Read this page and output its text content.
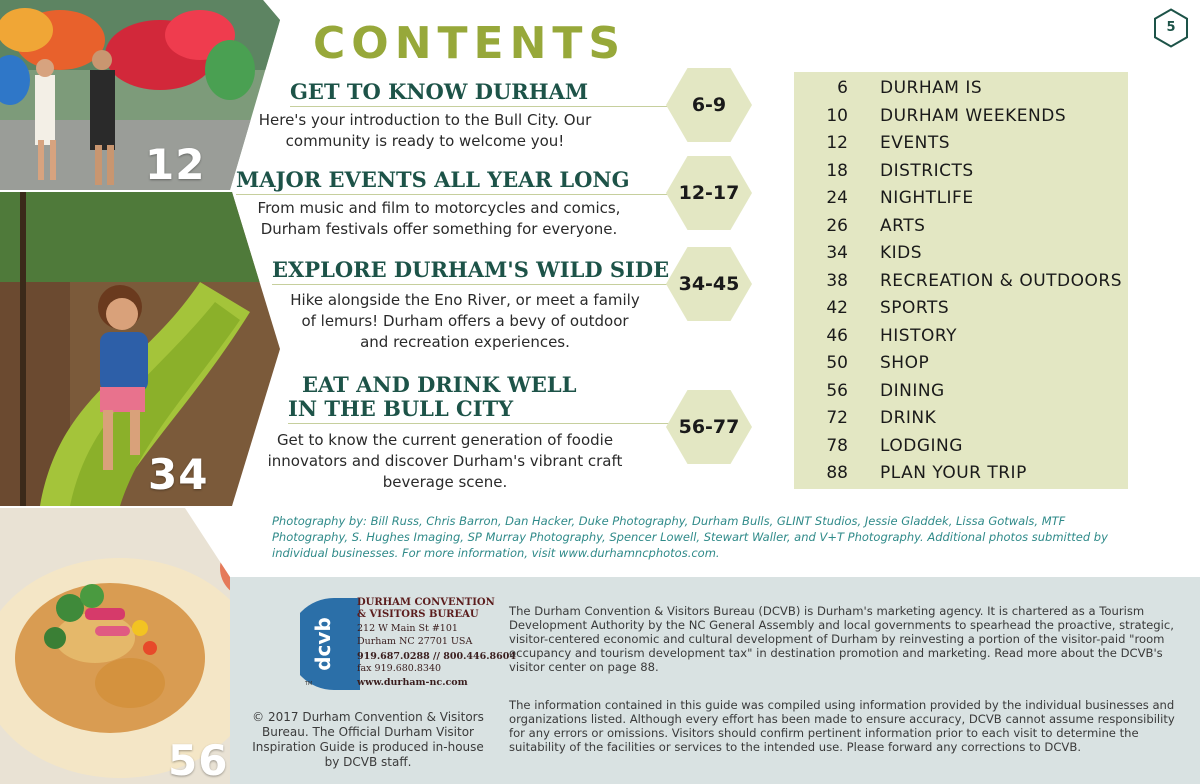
12
34
56
CONTENTS	5
GET TO KNOW DURHAM
Here's your introduction to the Bull City. Our community is ready to welcome you!
6-9
MAJOR EVENTS ALL YEAR LONG
From music and film to motorcycles and comics, Durham festivals offer something for everyone.
12-17
EXPLORE DURHAM'S WILD SIDE
Hike alongside the Eno River, or meet a family of lemurs! Durham offers a bevy of outdoor and recreation experiences.
34-45
EAT AND DRINK WELL
IN THE BULL CITY
Get to know the current generation of foodie innovators and discover Durham's vibrant craft beverage scene.
56-77
6 DURHAM IS
10 DURHAM WEEKENDS
12 EVENTS
18 DISTRICTS
24 NIGHTLIFE
26 ARTS
34 KIDS
38 RECREATION & OUTDOORS
42 SPORTS
46 HISTORY
50 SHOP
56 DINING
72 DRINK
78 LODGING
88 PLAN YOUR TRIP
Photography by: Bill Russ, Chris Barron, Dan Hacker, Duke Photography, Durham Bulls, GLINT Studios, Jessie Gladdek, Lissa Gotwals, MTF Photography, S. Hughes Imaging, SP Murray Photography, Spencer Lowell, Stewart Waller, and V+T Photography. Additional photos submitted by individual businesses. For more information, visit www.durhamncphotos.com.
dcvb
TM
DURHAM CONVENTION
& VISITORS BUREAU
212 W Main St #101
Durham NC 27701 USA
919.687.0288 // 800.446.8604
fax 919.680.8340
www.durham-nc.com
© 2017 Durham Convention & Visitors Bureau. The Official Durham Visitor Inspiration Guide is produced in-house by DCVB staff.

The Durham Convention & Visitors Bureau (DCVB) is Durham's marketing agency. It is chartered as a Tourism Development Authority by the NC General Assembly and local governments to spearhead the proactive, strategic, visitor-centered economic and cultural development of Durham by reinvesting a portion of the visitor-paid "room occupancy and tourism development tax" in destination promotion and marketing. Read more about the DCVB's visitor center on page 88.

The information contained in this guide was compiled using information provided by the individual businesses and organizations listed. Although every effort has been made to ensure accuracy, DCVB cannot assume responsibility for any errors or omissions. Visitors should confirm pertinent information prior to each visit to determine the suitability of the facilities or services to the intended use. Please forward any corrections to DCVB.
